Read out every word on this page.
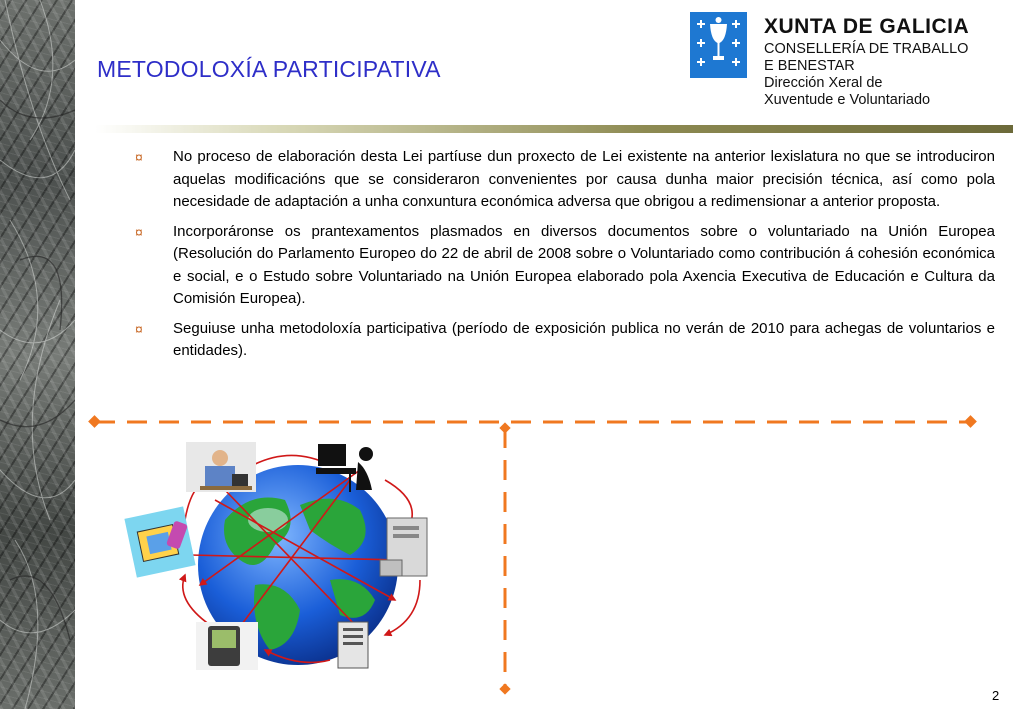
METODOLOXÍA PARTICIPATIVA
XUNTA DE GALICIA
CONSELLERÍA DE TRABALLO
E BENESTAR
Dirección Xeral de
Xuventude e Voluntariado
¤ No proceso de elaboración desta Lei partíuse dun proxecto de Lei existente na anterior lexislatura no que se introduciron aquelas modificacións que se consideraron convenientes por causa dunha maior precisión técnica, así como pola necesidade de adaptación a unha conxuntura económica adversa que obrigou a redimensionar a anterior proposta.
¤ Incorporáronse os prantexamentos plasmados en diversos documentos sobre o voluntariado na Unión Europea (Resolución do Parlamento Europeo do 22 de abril de 2008 sobre o Voluntariado como contribución á cohesión económica e social, e o Estudo sobre Voluntariado na Unión Europea elaborado pola Axencia Executiva de Educación e Cultura da Comisión Europea).
¤ Seguiuse unha metodoloxía participativa (período de exposición publica no verán de 2010 para achegas de voluntarios e entidades).
2
